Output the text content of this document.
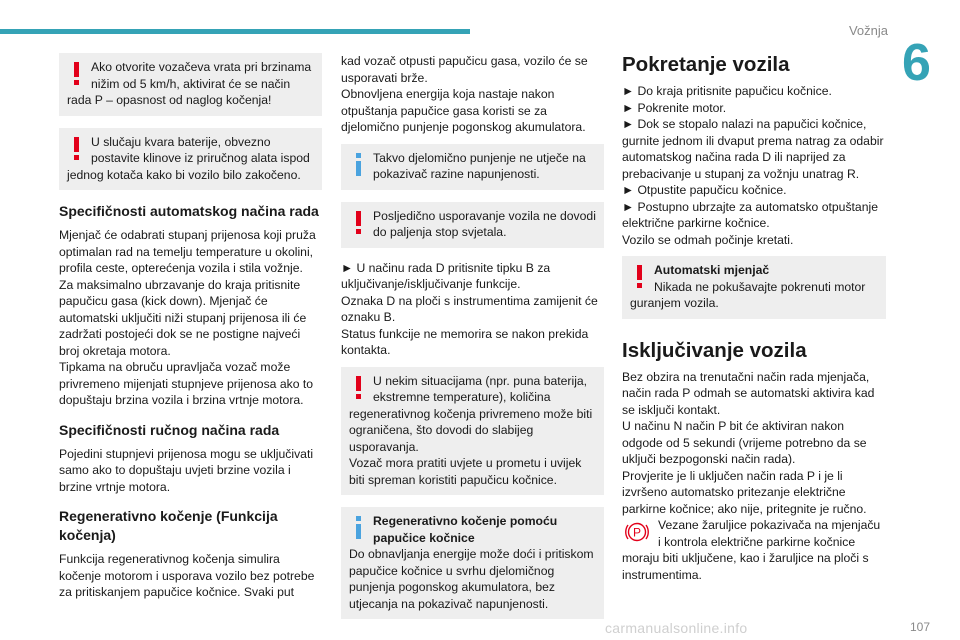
Vožnja
6

Ako otvorite vozačeva vrata pri brzinama nižim od 5 km/h, aktivirat će se način rada P – opasnost od naglog kočenja!

U slučaju kvara baterije, obvezno postavite klinove iz priručnog alata ispod jednog kotača kako bi vozilo bilo zakočeno.

Specifičnosti automatskog načina rada

Mjenjač će odabrati stupanj prijenosa koji pruža optimalan rad na temelju temperature u okolini, profila ceste, opterećenja vozila i stila vožnje.

Za maksimalno ubrzavanje do kraja pritisnite papučicu gasa (kick down). Mjenjač će automatski uključiti niži stupanj prijenosa ili će zadržati postojeći dok se ne postigne najveći broj okretaja motora.

Tipkama na obruču upravljača vozač može privremeno mijenjati stupnjeve prijenosa ako to dopuštaju brzina vozila i brzina vrtnje motora.

Specifičnosti ručnog načina rada

Pojedini stupnjevi prijenosa mogu se uključivati samo ako to dopuštaju uvjeti brzine vozila i brzine vrtnje motora.

Regenerativno kočenje (Funkcija kočenja)

Funkcija regenerativnog kočenja simulira kočenje motorom i usporava vozilo bez potrebe za pritiskanjem papučice kočnice. Svaki put

kad vozač otpusti papučicu gasa, vozilo će se usporavati brže.

Obnovljena energija koja nastaje nakon otpuštanja papučice gasa koristi se za djelomično punjenje pogonskog akumulatora.

Takvo djelomično punjenje ne utječe na pokazivač razine napunjenosti.

Posljedično usporavanje vozila ne dovodi do paljenja stop svjetala.

► U načinu rada D pritisnite tipku B za uključivanje/isključivanje funkcije.

Oznaka D na ploči s instrumentima zamijenit će oznaku B.

Status funkcije ne memorira se nakon prekida kontakta.

U nekim situacijama (npr. puna baterija, ekstremne temperature), količina regenerativnog kočenja privremeno može biti ograničena, što dovodi do slabijeg usporavanja.

Vozač mora pratiti uvjete u prometu i uvijek biti spreman koristiti papučicu kočnice.

Regenerativno kočenje pomoću papučice kočnice

Do obnavljanja energije može doći i pritiskom papučice kočnice u svrhu djelomičnog punjenja pogonskog akumulatora, bez utjecanja na pokazivač napunjenosti.

Pokretanje vozila

► Do kraja pritisnite papučicu kočnice.

► Pokrenite motor.

► Dok se stopalo nalazi na papučici kočnice, gurnite jednom ili dvaput prema natrag za odabir automatskog načina rada D ili naprijed za prebacivanje u stupanj za vožnju unatrag R.

► Otpustite papučicu kočnice.

► Postupno ubrzajte za automatsko otpuštanje električne parkirne kočnice.

Vozilo se odmah počinje kretati.

Automatski mjenjač

Nikada ne pokušavajte pokrenuti motor guranjem vozila.

Isključivanje vozila

Bez obzira na trenutačni način rada mjenjača, način rada P odmah se automatski aktivira kad se isključi kontakt.

U načinu N način P bit će aktiviran nakon odgode od 5 sekundi (vrijeme potrebno da se uključi bezpogonski način rada).

Provjerite je li uključen način rada P i je li izvršeno automatsko pritezanje električne parkirne kočnice; ako nije, pritegnite je ručno.

P

Vezane žaruljice pokazivača na mjenjaču i kontrola električne parkirne kočnice moraju biti uključene, kao i žaruljice na ploči s instrumentima.

carmanualsonline.info	107
